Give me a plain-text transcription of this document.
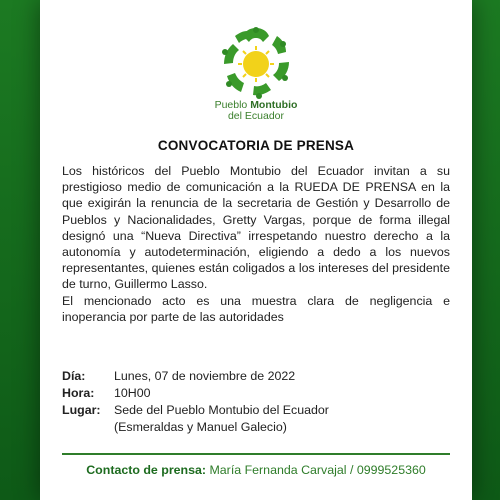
Pueblo Montubio
del Ecuador
CONVOCATORIA DE PRENSA

Los históricos del Pueblo Montubio del Ecuador invitan a su prestigioso medio de comunicación a la RUEDA DE PRENSA en la que exigirán la renuncia de la secretaria de Gestión y Desarrollo de Pueblos y Nacionalidades, Gretty Vargas, porque de forma illegal designó una “Nueva Directiva” irrespetando nuestro derecho a la autonomía y autodeterminación, eligiendo a dedo a los nuevos representantes, quienes están coligados a los intereses del presidente de turno, Guillermo Lasso.

El mencionado acto es una muestra clara de negligencia e inoperancia por parte de las autoridades

Día:	Lunes, 07 de noviembre de 2022
Hora:	10H00
Lugar:	Sede del Pueblo Montubio del Ecuador
(Esmeraldas y Manuel Galecio)
Contacto de prensa: María Fernanda Carvajal / 0999525360
